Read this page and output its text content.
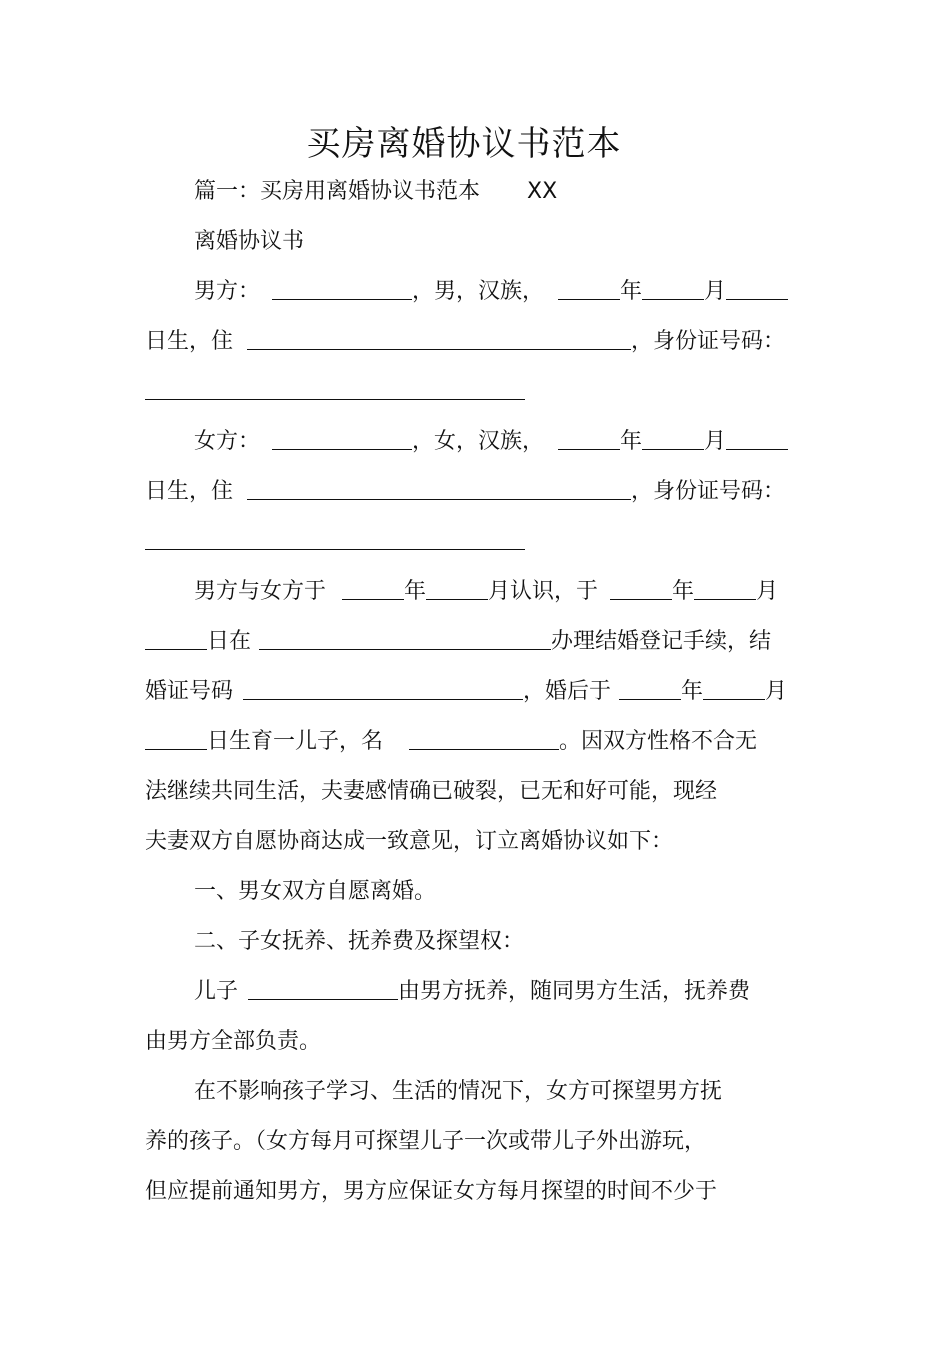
买房离婚协议书范本
篇一：买房用离婚协议书范本 XX
离婚协议书
男方：	，男，汉族，	年	月
日生，住	，身份证号码：
女方：	，女，汉族，	年	月
日生，住	，身份证号码：
男方与女方于	年	月认识，于	年	月
日在	办理结婚登记手续，结
婚证号码	，婚后于	年	月
日生育一儿子，名	。因双方性格不合无
法继续共同生活，夫妻感情确已破裂，已无和好可能，现经
夫妻双方自愿协商达成一致意见，订立离婚协议如下：
一、男女双方自愿离婚。
二、子女抚养、抚养费及探望权：
儿子	由男方抚养，随同男方生活，抚养费
由男方全部负责。
在不影响孩子学习、生活的情况下，女方可探望男方抚
养的孩子。（女方每月可探望儿子一次或带儿子外出游玩，
但应提前通知男方，男方应保证女方每月探望的时间不少于
